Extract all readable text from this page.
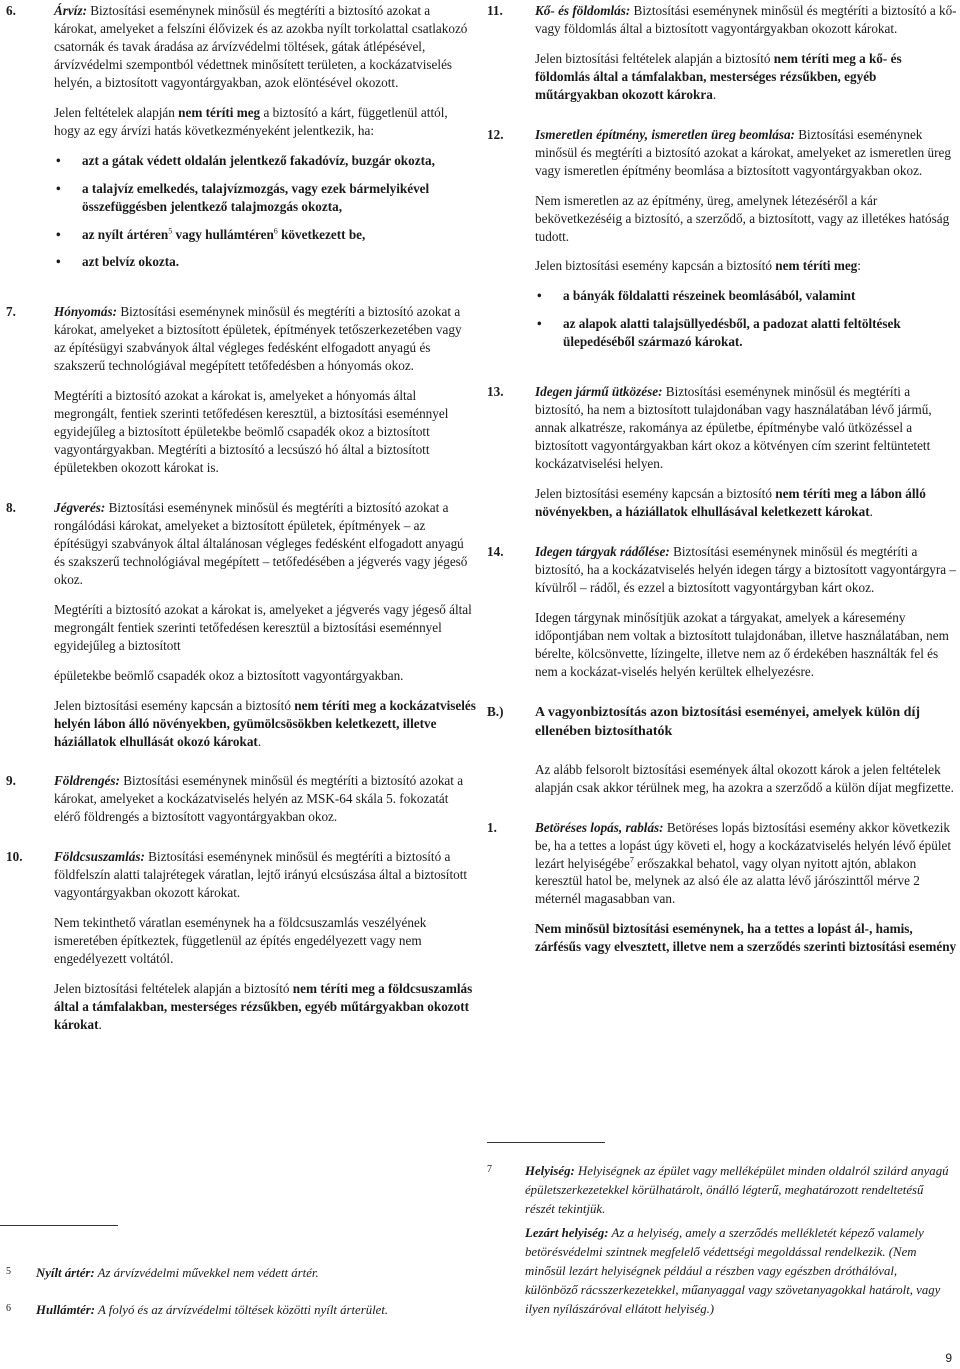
6.	Árvíz: Biztosítási eseménynek minősül és megtéríti a biztosító azokat a károkat, amelyeket a felszíni élővizek és az azokba nyílt torkolattal csatlakozó csatornák és tavak áradása az árvízvédelmi töltések, gátak átlépésével, árvízvédelmi szempontból védettnek minősített területen, a kockázatviselés helyén, a biztosított vagyontárgyakban, azok elöntésével okozott.

Jelen feltételek alapján nem téríti meg a biztosító a kárt, függetlenül attól, hogy az egy árvízi hatás következményeként jelentkezik, ha:

• azt a gátak védett oldalán jelentkező fakadóvíz, buzgár okozta,
• a talajvíz emelkedés, talajvízmozgás, vagy ezek bármelyikével összefüggésben jelentkező talajmozgás okozta,
• az nyílt ártéren$^5$ vagy hullámtéren$^6$ következett be,
• azt belvíz okozta.
7.	Hónyomás: Biztosítási eseménynek minősül és megtéríti a biztosító azokat a károkat, amelyeket a biztosított épületek, építmények tetőszerkezetében vagy az építésügyi szabványok által végleges fedésként elfogadott anyagú és szakszerű technológiával megépített tetőfedésben a hónyomás okoz.

Megtéríti a biztosító azokat a károkat is, amelyeket a hónyomás által megrongált, fentiek szerinti tetőfedésen keresztül, a biztosítási eseménnyel egyidejűleg a biztosított épületekbe beömlő csapadék okoz a biztosított vagyontárgyakban. Megtéríti a biztosító a lecsúszó hó által a biztosított épületekben okozott károkat is.

8.	Jégverés: Biztosítási eseménynek minősül és megtéríti a biztosító azokat a rongálódási károkat, amelyeket a biztosított épületek, építmények – az építésügyi szabványok által általánosan végleges fedésként elfogadott anyagú és szakszerű technológiával megépített – tetőfedésében a jégverés vagy jégeső okoz.

Megtéríti a biztosító azokat a károkat is, amelyeket a jégverés vagy jégeső által megrongált fentiek szerinti tetőfedésen keresztül a biztosítási eseménnyel egyidejűleg a biztosított

épületekbe beömlő csapadék okoz a biztosított vagyontárgyakban.

Jelen biztosítási esemény kapcsán a biztosító nem téríti meg a kockázatviselés helyén lábon álló növényekben, gyümölcsösökben keletkezett, illetve háziállatok elhullását okozó károkat.

9.	Földrengés: Biztosítási eseménynek minősül és megtéríti a biztosító azokat a károkat, amelyeket a kockázatviselés helyén az MSK-64 skála 5. fokozatát elérő földrengés a biztosított vagyontárgyakban okoz.

10.	Földcsuszamlás: Biztosítási eseménynek minősül és megtéríti a biztosító a földfelszín alatti talajrétegek váratlan, lejtő irányú elcsúszása által a biztosított vagyontárgyakban okozott károkat.

Nem tekinthető váratlan eseménynek ha a földcsuszamlás veszélyének ismeretében építkeztek, függetlenül az építés engedélyezett vagy nem engedélyezett voltától.

Jelen biztosítási feltételek alapján a biztosító nem téríti meg a földcsuszamlás által a támfalakban, mesterséges rézsűkben, egyéb műtárgyakban okozott károkat.

11.	Kő- és földomlás: Biztosítási eseménynek minősül és megtéríti a biztosító a kő- vagy földomlás által a biztosított vagyontárgyakban okozott károkat.

Jelen biztosítási feltételek alapján a biztosító nem téríti meg a kő- és földomlás által a támfalakban, mesterséges rézsűkben, egyéb műtárgyakban okozott károkra.

12.	Ismeretlen építmény, ismeretlen üreg beomlása: Biztosítási eseménynek minősül és megtéríti a biztosító azokat a károkat, amelyeket az ismeretlen üreg vagy ismeretlen építmény beomlása a biztosított vagyontárgyakban okoz.

Nem ismeretlen az az építmény, üreg, amelynek létezéséről a kár bekövetkezéséig a biztosító, a szerződő, a biztosított, vagy az illetékes hatóság tudott.

Jelen biztosítási esemény kapcsán a biztosító nem téríti meg:

• a bányák földalatti részeinek beomlásából, valamint
• az alapok alatti talajsüllyedésből, a padozat alatti feltöltések ülepedéséből származó károkat.
13.	Idegen jármű ütközése: Biztosítási eseménynek minősül és megtéríti a biztosító, ha nem a biztosított tulajdonában vagy használatában lévő jármű, annak alkatrésze, rakománya az épületbe, építménybe való ütközéssel a biztosított vagyontárgyakban kárt okoz a kötvényen cím szerint feltüntetett kockázatviselési helyen.

Jelen biztosítási esemény kapcsán a biztosító nem téríti meg a lábon álló növényekben, a háziállatok elhullásával keletkezett károkat.

14.	Idegen tárgyak rádőlése: Biztosítási eseménynek minősül és megtéríti a biztosító, ha a kockázatviselés helyén idegen tárgy a biztosított vagyontárgyra – kívülről – rádől, és ezzel a biztosított vagyontárgyban kárt okoz.

Idegen tárgynak minősítjük azokat a tárgyakat, amelyek a káresemény időpontjában nem voltak a biztosított tulajdonában, illetve használatában, nem bérelte, kölcsönvette, lízingelte, illetve nem az ő érdekében használták fel és nem a kockázat-viselés helyén kerültek elhelyezésre.

B.)	A vagyonbiztosítás azon biztosítási eseményei, amelyek külön díj ellenében biztosíthatók

Az alább felsorolt biztosítási események által okozott károk a jelen feltételek alapján csak akkor térülnek meg, ha azokra a szerződő a külön díjat megfizette.

1.	Betöréses lopás, rablás: Betöréses lopás biztosítási esemény akkor következik be, ha a tettes a lopást úgy követi el, hogy a kockázatviselés helyén lévő épület lezárt helyiségébe$^7$ erőszakkal behatol, vagy olyan nyitott ajtón, ablakon keresztül hatol be, melynek az alsó éle az alatta lévő járószinttől mérve 2 méternél magasabban van.

Nem minősül biztosítási eseménynek, ha a tettes a lopást ál-, hamis, zárfésűs vagy elvesztett, illetve nem a szerződés szerinti biztosítási esemény

5	Nyílt ártér: Az árvízvédelmi művekkel nem védett ártér.
6	Hullámtér: A folyó és az árvízvédelmi töltések közötti nyílt árterület.
7	Helyiség: Helyiségnek az épület vagy melléképület minden oldalról szilárd anyagú épületszerkezetekkel körülhatárolt, önálló légterű, meghatározott rendeltetésű részét tekintjük.

Lezárt helyiség: Az a helyiség, amely a szerződés mellékletét képező valamely betörésvédelmi szintnek megfelelő védettségi megoldással rendelkezik. (Nem minősül lezárt helyiségnek például a részben vagy egészben dróthálóval, különböző rácsszerkezetekkel, műanyaggal vagy szövetanyagokkal határolt, vagy ilyen nyílászáróval ellátott helyiség.)

9
